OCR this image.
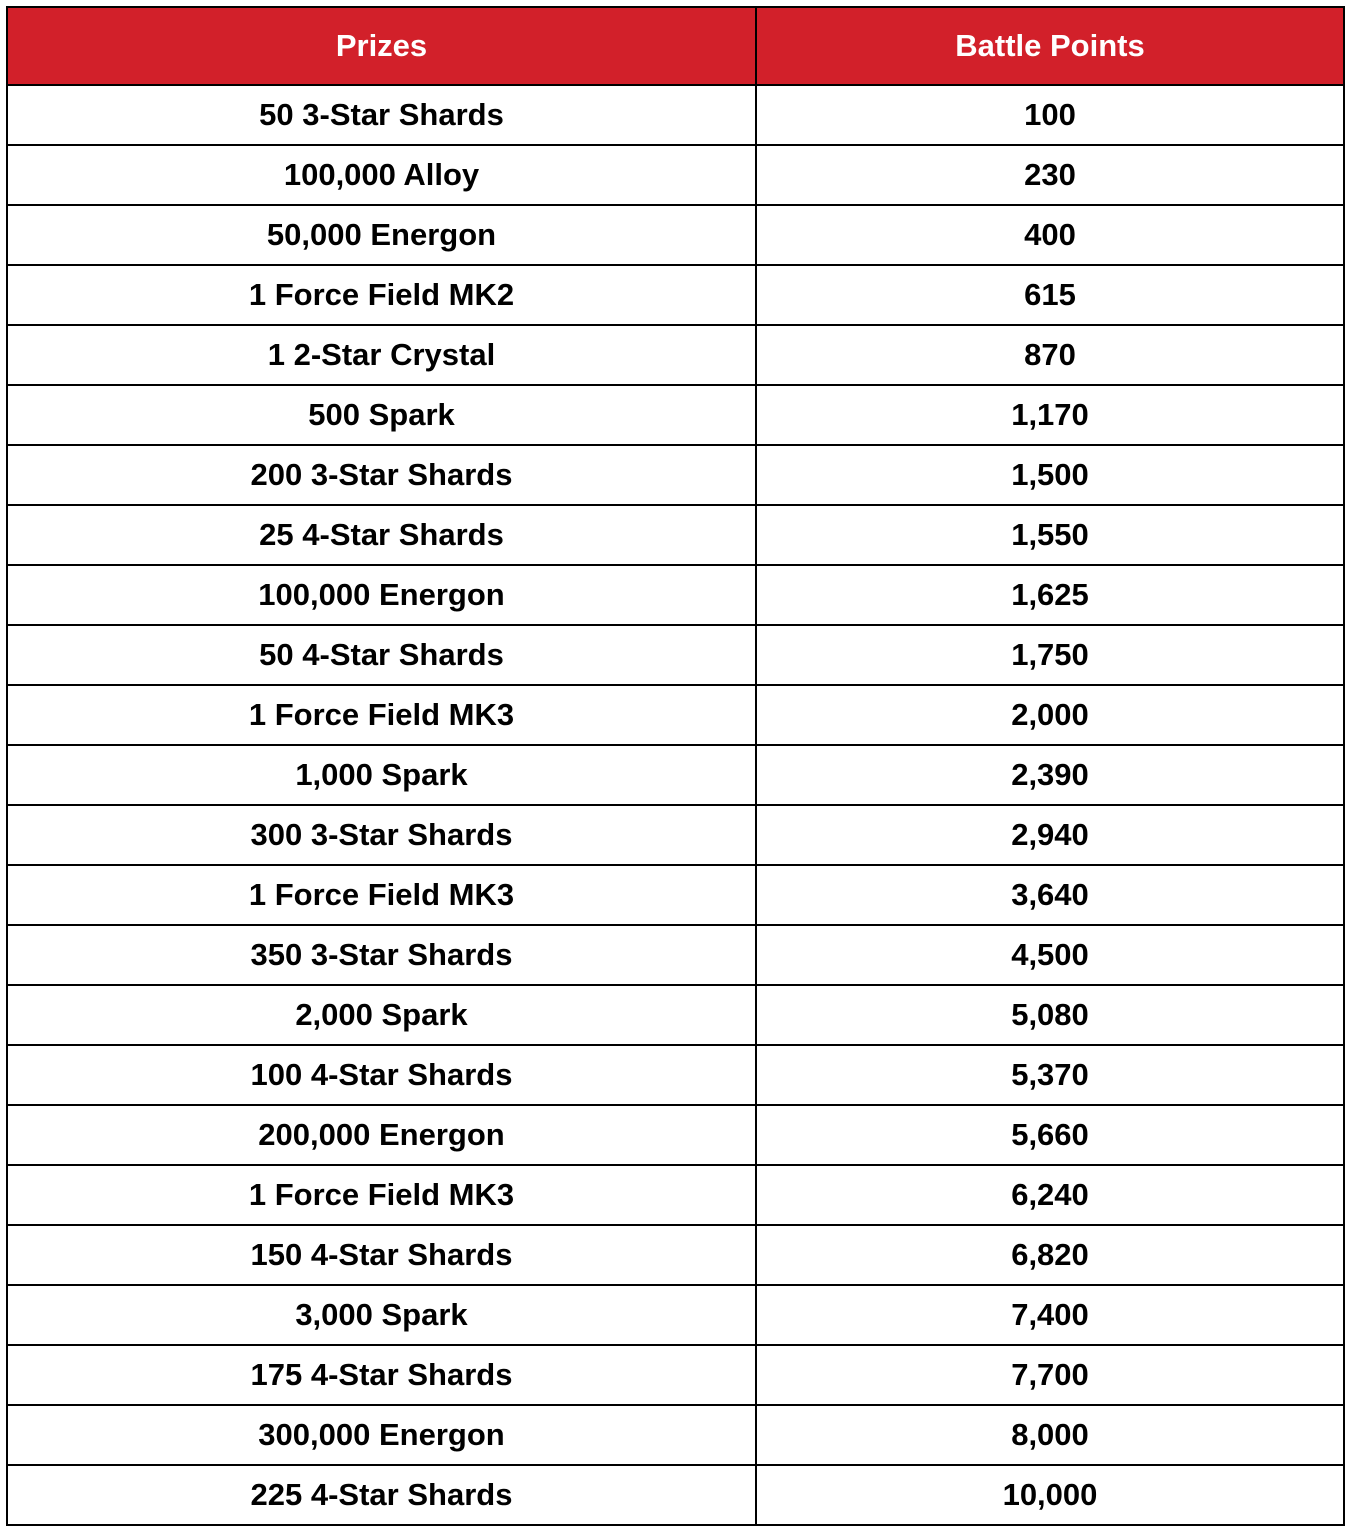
Prizes	Battle Points
50 3-Star Shards	100
100,000 Alloy	230
50,000 Energon	400
1 Force Field MK2	615
1 2-Star Crystal	870
500 Spark	1,170
200 3-Star Shards	1,500
25 4-Star Shards	1,550
100,000 Energon	1,625
50 4-Star Shards	1,750
1 Force Field MK3	2,000
1,000 Spark	2,390
300 3-Star Shards	2,940
1 Force Field MK3	3,640
350 3-Star Shards	4,500
2,000 Spark	5,080
100 4-Star Shards	5,370
200,000 Energon	5,660
1 Force Field MK3	6,240
150 4-Star Shards	6,820
3,000 Spark	7,400
175 4-Star Shards	7,700
300,000 Energon	8,000
225 4-Star Shards	10,000
